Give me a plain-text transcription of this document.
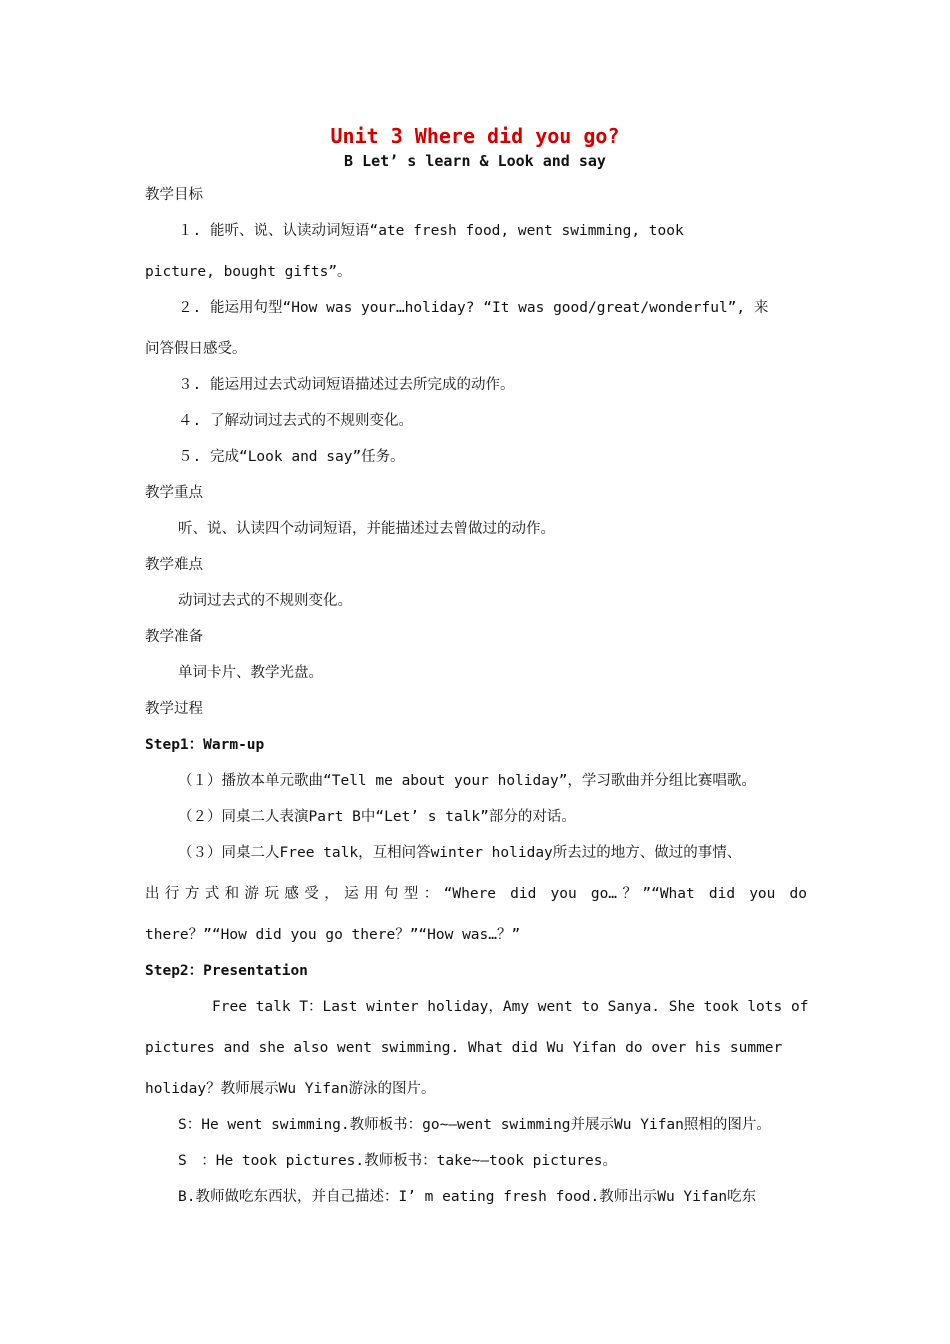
Unit 3 Where did you go?
B Let’ s learn & Look and say
教学目标
１. 能听、说、认读动词短语“ate fresh food, went swimming, took
picture, bought gifts”。
２. 能运用句型“How was your…holiday? “It was good/great/wonderful”, 来
问答假日感受。
３. 能运用过去式动词短语描述过去所完成的动作。
４. 了解动词过去式的不规则变化。
５. 完成“Look and say”任务。
教学重点
听、说、认读四个动词短语，并能描述过去曾做过的动作。
教学难点
动词过去式的不规则变化。
教学准备
单词卡片、教学光盘。
教学过程
Step1：Warm-up
（１）播放本单元歌曲“Tell me about your holiday”，学习歌曲并分组比赛唱歌。
（２）同桌二人表演Part B中“Let’ s talk”部分的对话。
（３）同桌二人Free talk，互相问答winter holiday所去过的地方、做过的事情、
出行方式和游玩感受，运用句型：“Where did you go…？”“What did you do
there？”“How did you go there？”“How was…？”
Step2：Presentation
Free talk T：Last winter holiday，Amy went to Sanya. She took lots of
pictures and she also went swimming. What did Wu Yifan do over his summer
holiday？教师展示Wu Yifan游泳的图片。
S：He went swimming.教师板书：go~—went swimming并展示Wu Yifan照相的图片。
S　：He took pictures.教师板书：take~—took pictures。
B.教师做吃东西状，并自己描述：I’ m eating fresh food.教师出示Wu Yifan吃东
